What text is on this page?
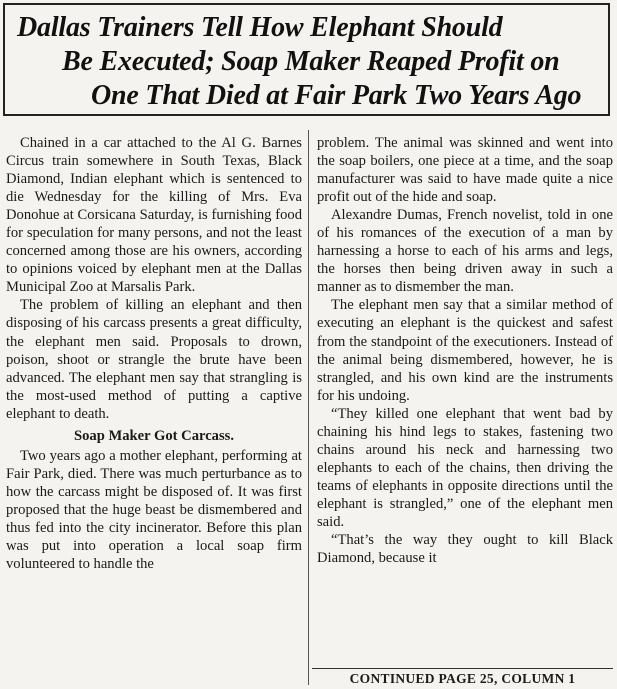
Dallas Trainers Tell How Elephant Should
Be Executed; Soap Maker Reaped Profit on
One That Died at Fair Park Two Years Ago

Chained in a car attached to the Al G. Barnes Circus train somewhere in South Texas, Black Diamond, Indian elephant which is sentenced to die Wednesday for the killing of Mrs. Eva Donohue at Corsicana Saturday, is furnishing food for speculation for many persons, and not the least concerned among those are his owners, according to opinions voiced by elephant men at the Dallas Municipal Zoo at Marsalis Park.

The problem of killing an elephant and then disposing of his carcass presents a great difficulty, the elephant men said. Proposals to drown, poison, shoot or strangle the brute have been advanced. The elephant men say that strangling is the most-used method of putting a captive elephant to death.

Soap Maker Got Carcass.

Two years ago a mother elephant, performing at Fair Park, died. There was much perturbance as to how the carcass might be disposed of. It was first proposed that the huge beast be dismembered and thus fed into the city incinerator. Before this plan was put into operation a local soap firm volunteered to handle the

problem. The animal was skinned and went into the soap boilers, one piece at a time, and the soap manufacturer was said to have made quite a nice profit out of the hide and soap.

Alexandre Dumas, French novelist, told in one of his romances of the execution of a man by harnessing a horse to each of his arms and legs, the horses then being driven away in such a manner as to dismember the man.

The elephant men say that a similar method of executing an elephant is the quickest and safest from the standpoint of the executioners. Instead of the animal being dismembered, however, he is strangled, and his own kind are the instruments for his undoing.

“They killed one elephant that went bad by chaining his hind legs to stakes, fastening two chains around his neck and harnessing two elephants to each of the chains, then driving the teams of elephants in opposite directions until the elephant is strangled,” one of the elephant men said.

“That’s the way they ought to kill Black Diamond, because it

CONTINUED PAGE 25, COLUMN 1
